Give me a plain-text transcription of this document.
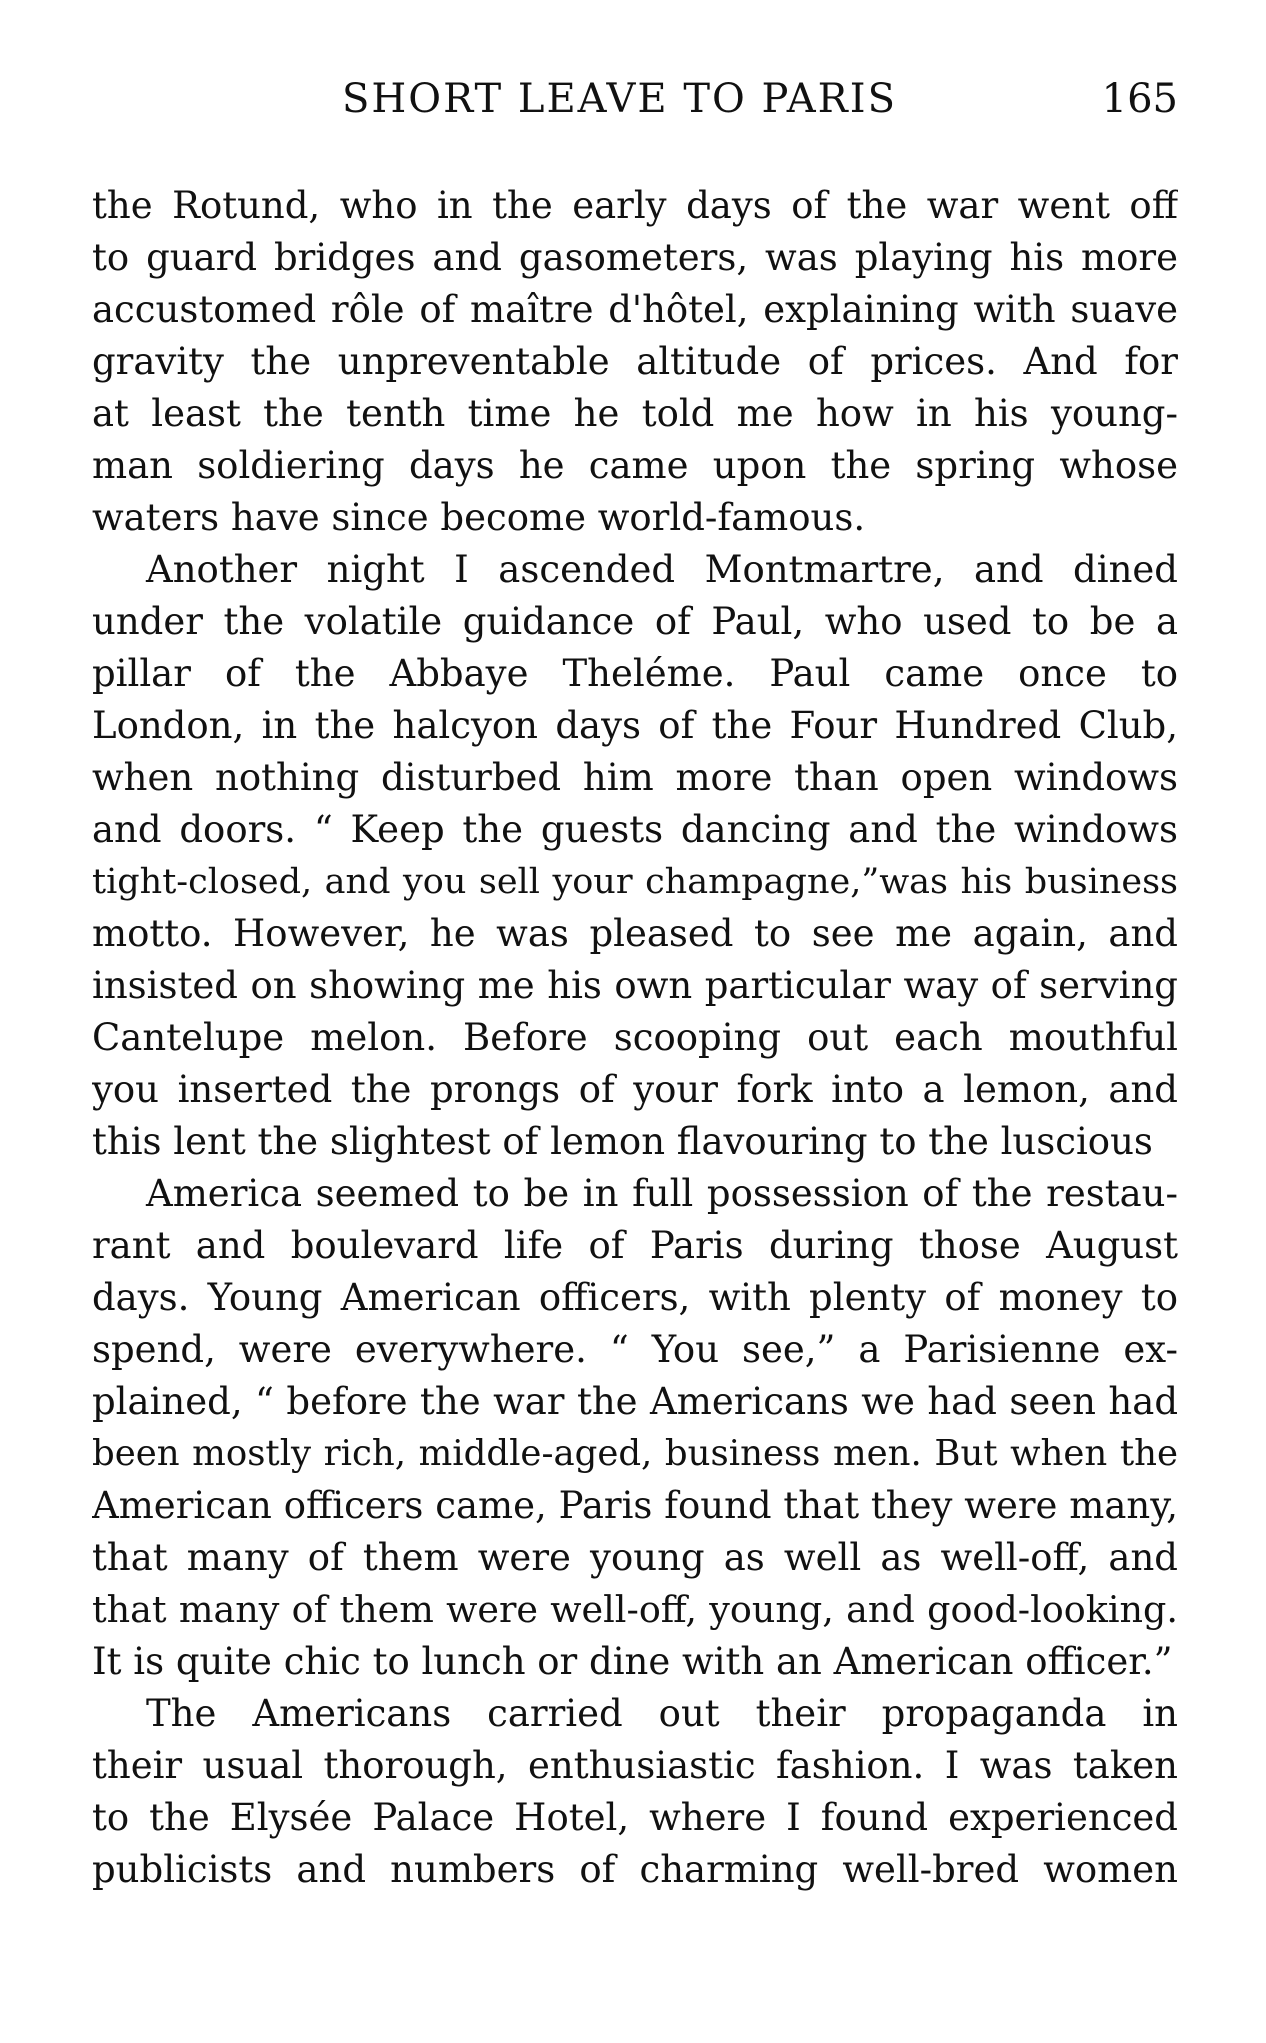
SHORT LEAVE TO PARIS	165
the Rotund, who in the early days of the war went off
to guard bridges and gasometers, was playing his more
accustomed rôle of maître d'hôtel, explaining with suave
gravity the unpreventable altitude of prices. And for
at least the tenth time he told me how in his young-
man soldiering days he came upon the spring whose
waters have since become world-famous.
Another night I ascended Montmartre, and dined
under the volatile guidance of Paul, who used to be a
pillar of the Abbaye Theléme. Paul came once to
London, in the halcyon days of the Four Hundred Club,
when nothing disturbed him more than open windows
and doors. “ Keep the guests dancing and the windows
tight-closed, and you sell your champagne,”was his business
motto. However, he was pleased to see me again, and
insisted on showing me his own particular way of serving
Cantelupe melon. Before scooping out each mouthful
you inserted the prongs of your fork into a lemon, and
this lent the slightest of lemon flavouring to the luscious
America seemed to be in full possession of the restau-
rant and boulevard life of Paris during those August
days. Young American officers, with plenty of money to
spend, were everywhere. “ You see,” a Parisienne ex-
plained, “ before the war the Americans we had seen had
been mostly rich, middle-aged, business men. But when the
American officers came, Paris found that they were many,
that many of them were young as well as well-off, and
that many of them were well-off, young, and good-looking.
It is quite chic to lunch or dine with an American officer.”
The Americans carried out their propaganda in
their usual thorough, enthusiastic fashion. I was taken
to the Elysée Palace Hotel, where I found experienced
publicists and numbers of charming well-bred women
